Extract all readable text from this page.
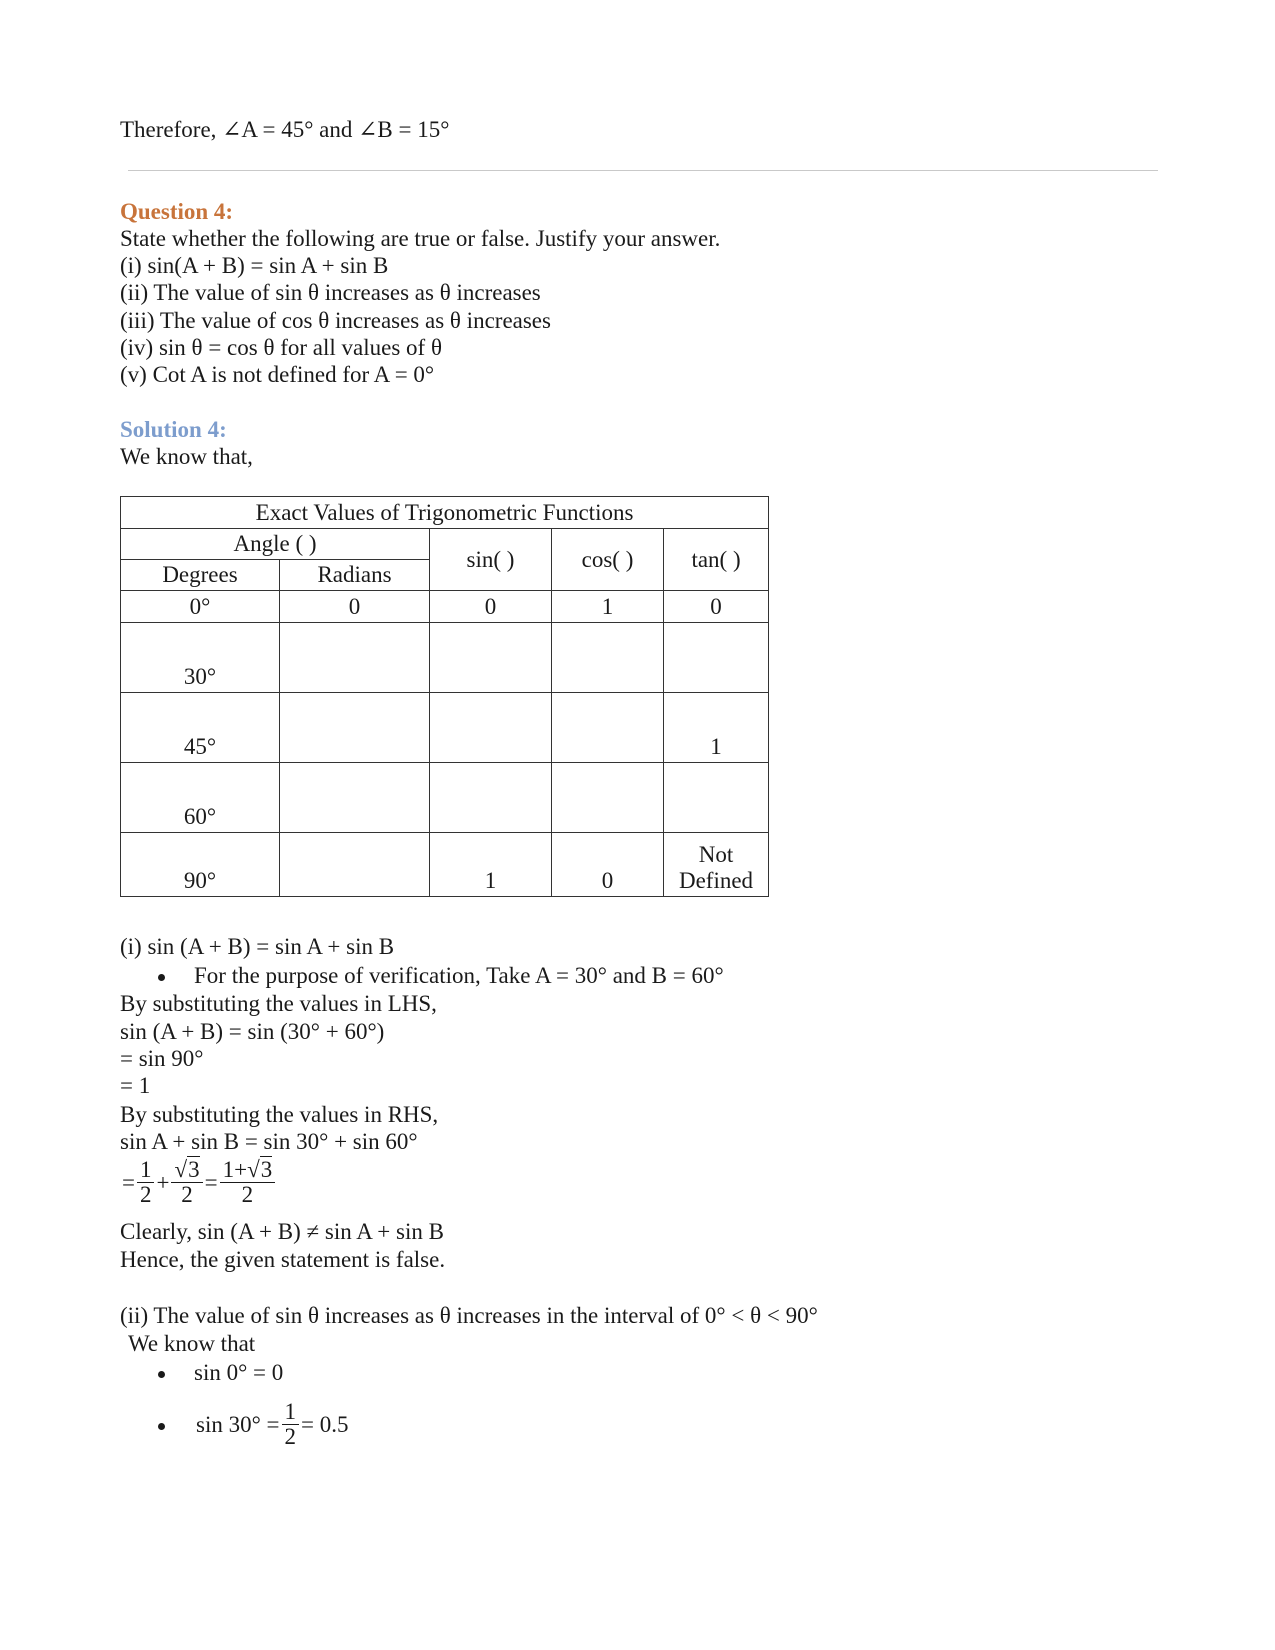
Therefore, ∠A = 45° and ∠B = 15°
Question 4:
State whether the following are true or false. Justify your answer.
(i) sin(A + B) = sin A + sin B
(ii) The value of sin θ increases as θ increases
(iii) The value of cos θ increases as θ increases
(iv) sin θ = cos θ for all values of θ
(v) Cot A is not defined for A = 0°
Solution 4:
We know that,
Exact Values of Trigonometric Functions				
Angle ( )		sin( )	cos( )	tan( )
Degrees	Radians			
0°	0	0	1	0
30°				
45°				1
60°				
90°		1	0	Not
Defined
(i) sin (A + B) = sin A + sin B
For the purpose of verification, Take A = 30° and B = 60°
By substituting the values in LHS,
sin (A + B) = sin (30° + 60°)
= sin 90°
= 1
By substituting the values in RHS,
sin A + sin B = sin 30° + sin 60°
= $\frac{1}{2} + \frac{√3}{2} = \frac{1+√3}{2}$
Clearly, sin (A + B) ≠ sin A + sin B
Hence, the given statement is false.
(ii) The value of sin θ increases as θ increases in the interval of 0° < θ < 90°
We know that
sin 0° = 0
$\sin 30^\circ = \frac{1}{2} = 0.5$
